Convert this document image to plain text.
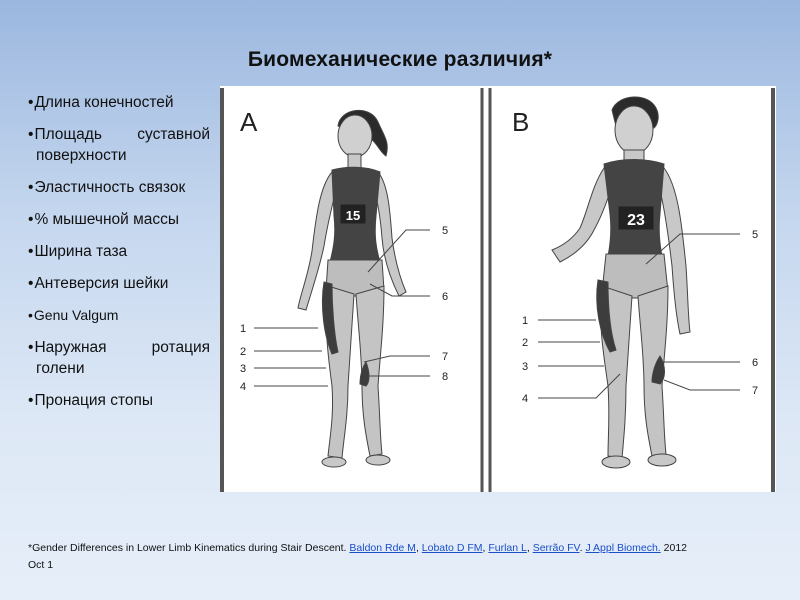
Биомеханические различия*
•Длина конечностей
•Площадь суставной
поверхности
•Эластичность связок
•% мышечной массы
•Ширина таза
•Антеверсия шейки
•Genu Valgum
•Наружная ротация
голени
•Пронация стопы
A
15
1
2
3
4
5
6
7
8
B
23
1
2
3
4
5
6
7
*Gender Differences in Lower Limb Kinematics during Stair Descent. Baldon Rde M, Lobato D FM, Furlan L, Serrão FV. J Appl Biomech. 2012
Oct 1
